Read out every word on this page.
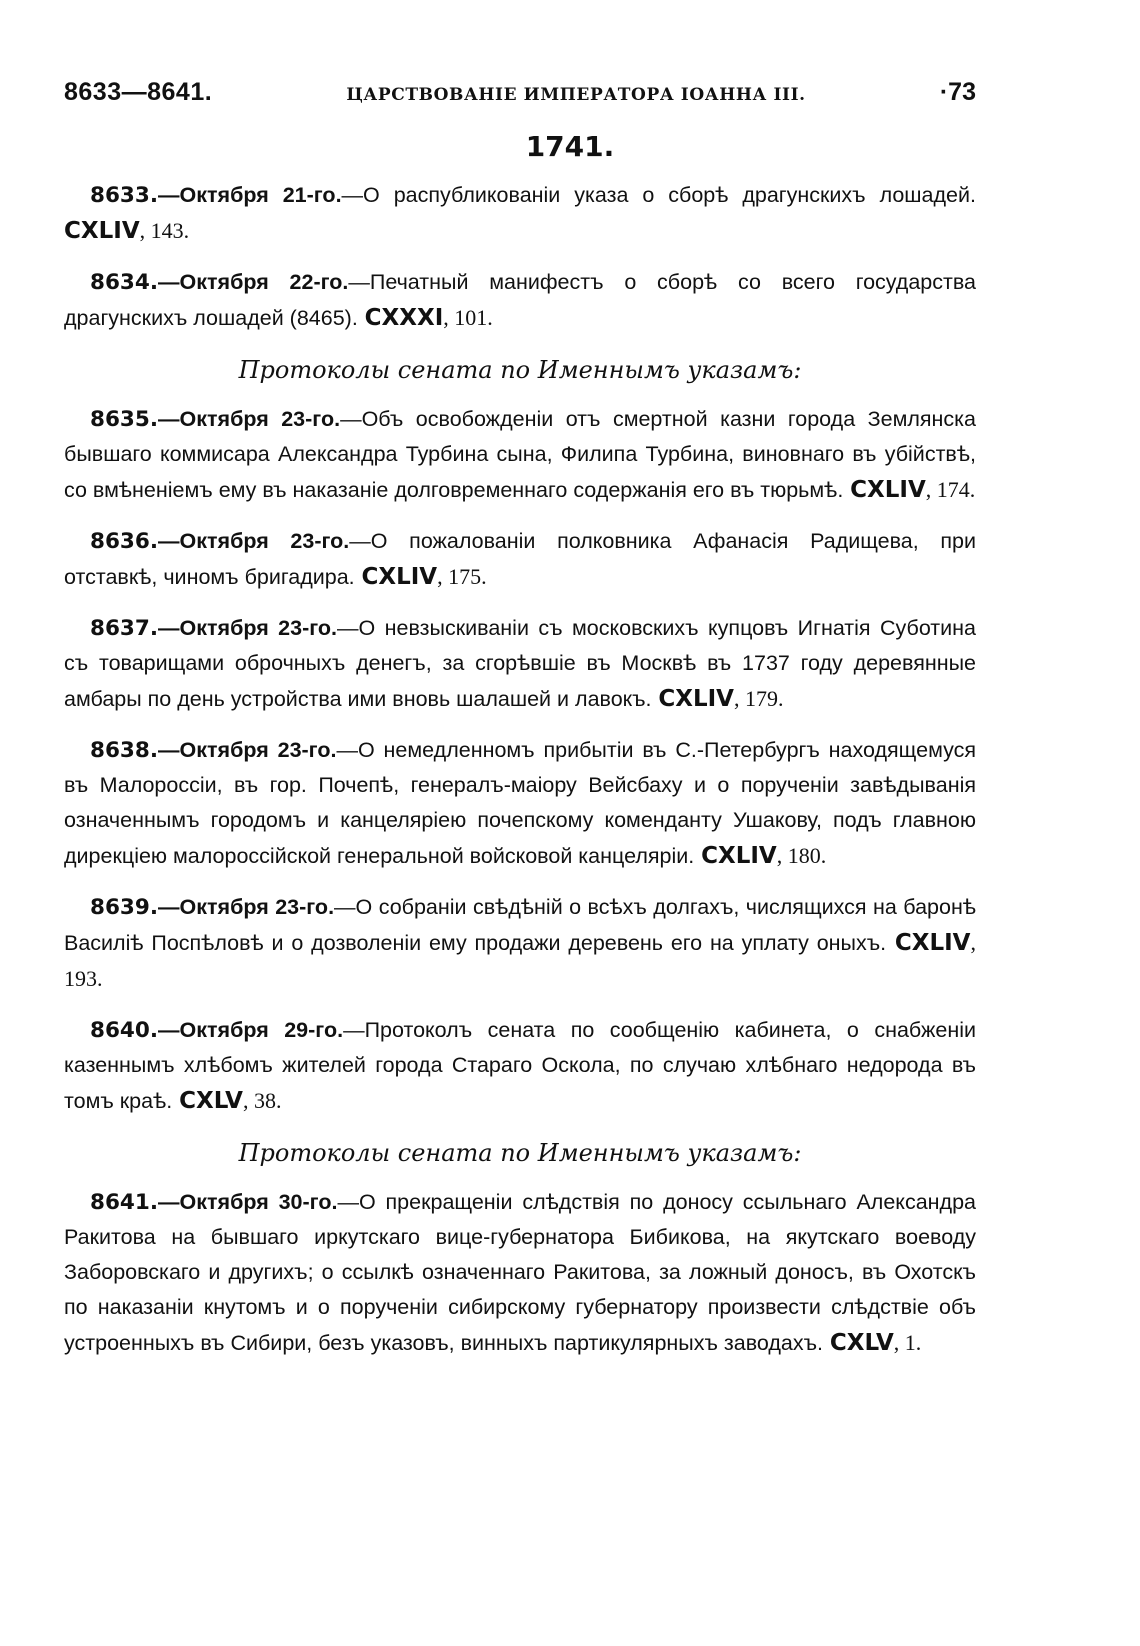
8633—8641.	ЦАРСТВОВАНІЕ ИМПЕРАТОРА ІОАННА III.	·73
1741.

8633.—Октября 21-го.—О распубликованіи указа о сборѣ драгунскихъ лошадей. CXLIV, 143.

8634.—Октября 22-го.—Печатный манифестъ о сборѣ со всего государства драгунскихъ лошадей (8465). CXXXI, 101.

Протоколы сената по Именнымъ указамъ:

8635.—Октября 23-го.—Объ освобожденіи отъ смертной казни города Землянска бывшаго коммисара Александра Турбина сына, Филипа Турбина, виновнаго въ убійствѣ, со вмѣненіемъ ему въ наказаніе долговременнаго содержанія его въ тюрьмѣ. CXLIV, 174.

8636.—Октября 23-го.—О пожалованіи полковника Афанасія Радищева, при отставкѣ, чиномъ бригадира. CXLIV, 175.

8637.—Октября 23-го.—О невзыскиваніи съ московскихъ купцовъ Игнатія Суботина съ товарищами оброчныхъ денегъ, за сгорѣвшіе въ Москвѣ въ 1737 году деревянные амбары по день устройства ими вновь шалашей и лавокъ. CXLIV, 179.

8638.—Октября 23-го.—О немедленномъ прибытіи въ С.-Петербургъ находящемуся въ Малороссіи, въ гор. Почепѣ, генералъ-маіору Вейсбаху и о порученіи завѣдыванія означеннымъ городомъ и канцеляріею почепскому коменданту Ушакову, подъ главною дирекціею малороссійской генеральной войсковой канцеляріи. CXLIV, 180.

8639.—Октября 23-го.—О собраніи свѣдѣній о всѣхъ долгахъ, числящихся на баронѣ Василіѣ Поспѣловѣ и о дозволеніи ему продажи деревень его на уплату оныхъ. CXLIV, 193.

8640.—Октября 29-го.—Протоколъ сената по сообщенію кабинета, о снабженіи казеннымъ хлѣбомъ жителей города Стараго Оскола, по случаю хлѣбнаго недорода въ томъ краѣ. CXLV, 38.

Протоколы сената по Именнымъ указамъ:

8641.—Октября 30-го.—О прекращеніи слѣдствія по доносу ссыльнаго Александра Ракитова на бывшаго иркутскаго вице-губернатора Бибикова, на якутскаго воеводу Заборовскаго и другихъ; о ссылкѣ означеннаго Ракитова, за ложный доносъ, въ Охотскъ по наказаніи кнутомъ и о порученіи сибирскому губернатору произвести слѣдствіе объ устроенныхъ въ Сибири, безъ указовъ, винныхъ партикулярныхъ заводахъ. CXLV, 1.
